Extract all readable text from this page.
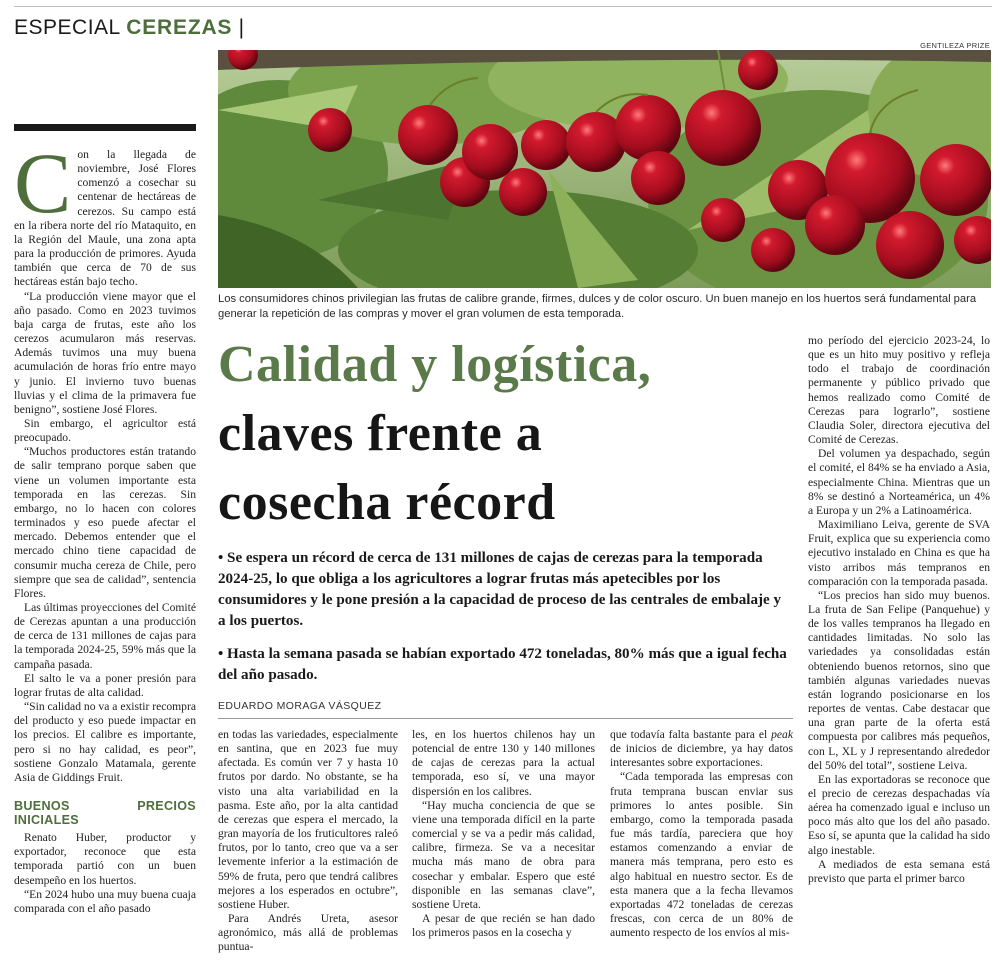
ESPECIAL CEREZAS |
GENTILEZA PRIZE
Los consumidores chinos privilegian las frutas de calibre grande, firmes, dulces y de color oscuro. Un buen manejo en los huertos será fundamental para generar la repetición de las compras y mover el gran volumen de esta temporada.

Con la llegada de noviembre, José Flores comenzó a cosechar su centenar de hectáreas de cerezos. Su campo está en la ribera norte del río Mataquito, en la Región del Maule, una zona apta para la producción de primores. Ayuda también que cerca de 70 de sus hectáreas están bajo techo.

“La producción viene mayor que el año pasado. Como en 2023 tuvimos baja carga de frutas, este año los cerezos acumularon más reservas. Además tuvimos una muy buena acumulación de horas frío entre mayo y junio. El invierno tuvo buenas lluvias y el clima de la primavera fue benigno”, sostiene José Flores.

Sin embargo, el agricultor está preocupado.

“Muchos productores están tratando de salir temprano porque saben que viene un volumen importante esta temporada en las cerezas. Sin embargo, no lo hacen con colores terminados y eso puede afectar el mercado. Debemos entender que el mercado chino tiene capacidad de consumir mucha cereza de Chile, pero siempre que sea de calidad”, sentencia Flores.

Las últimas proyecciones del Comité de Cerezas apuntan a una producción de cerca de 131 millones de cajas para la temporada 2024-25, 59% más que la campaña pasada.

El salto le va a poner presión para lograr frutas de alta calidad.

“Sin calidad no va a existir recompra del producto y eso puede impactar en los precios. El calibre es importante, pero si no hay calidad, es peor”, sostiene Gonzalo Matamala, gerente Asia de Giddings Fruit.

BUENOS PRECIOS INICIALES

Renato Huber, productor y exportador, reconoce que esta temporada partió con un buen desempeño en los huertos.

“En 2024 hubo una muy buena cuaja comparada con el año pasado

Calidad y logística,
claves frente a
cosecha récord

• Se espera un récord de cerca de 131 millones de cajas de cerezas para la temporada 2024-25, lo que obliga a los agricultores a lograr frutas más apetecibles por los consumidores y le pone presión a la capacidad de proceso de las centrales de embalaje y a los puertos.

• Hasta la semana pasada se habían exportado 472 toneladas, 80% más que a igual fecha del año pasado.

EDUARDO MORAGA VÁSQUEZ

en todas las variedades, especialmente en santina, que en 2023 fue muy afectada. Es común ver 7 y hasta 10 frutos por dardo. No obstante, se ha visto una alta variabilidad en la pasma. Este año, por la alta cantidad de cerezas que espera el mercado, la gran mayoría de los fruticultores raleó frutos, por lo tanto, creo que va a ser levemente inferior a la estimación de 59% de fruta, pero que tendrá calibres mejores a los esperados en octubre”, sostiene Huber.

Para Andrés Ureta, asesor agronómico, más allá de problemas puntua-

les, en los huertos chilenos hay un potencial de entre 130 y 140 millones de cajas de cerezas para la actual temporada, eso sí, ve una mayor dispersión en los calibres.

“Hay mucha conciencia de que se viene una temporada difícil en la parte comercial y se va a pedir más calidad, calibre, firmeza. Se va a necesitar mucha más mano de obra para cosechar y embalar. Espero que esté disponible en las semanas clave”, sostiene Ureta.

A pesar de que recién se han dado los primeros pasos en la cosecha y

que todavía falta bastante para el peak de inicios de diciembre, ya hay datos interesantes sobre exportaciones.

“Cada temporada las empresas con fruta temprana buscan enviar sus primores lo antes posible. Sin embargo, como la temporada pasada fue más tardía, pareciera que hoy estamos comenzando a enviar de manera más temprana, pero esto es algo habitual en nuestro sector. Es de esta manera que a la fecha llevamos exportadas 472 toneladas de cerezas frescas, con cerca de un 80% de aumento respecto de los envíos al mis-

mo período del ejercicio 2023-24, lo que es un hito muy positivo y refleja todo el trabajo de coordinación permanente y público privado que hemos realizado como Comité de Cerezas para lograrlo”, sostiene Claudia Soler, directora ejecutiva del Comité de Cerezas.

Del volumen ya despachado, según el comité, el 84% se ha enviado a Asia, especialmente China. Mientras que un 8% se destinó a Norteamérica, un 4% a Europa y un 2% a Latinoamérica.

Maximiliano Leiva, gerente de SVA Fruit, explica que su experiencia como ejecutivo instalado en China es que ha visto arribos más tempranos en comparación con la temporada pasada.

“Los precios han sido muy buenos. La fruta de San Felipe (Panquehue) y de los valles tempranos ha llegado en cantidades limitadas. No solo las variedades ya consolidadas están obteniendo buenos retornos, sino que también algunas variedades nuevas están logrando posicionarse en los reportes de ventas. Cabe destacar que una gran parte de la oferta está compuesta por calibres más pequeños, con L, XL y J representando alrededor del 50% del total”, sostiene Leiva.

En las exportadoras se reconoce que el precio de cerezas despachadas vía aérea ha comenzado igual e incluso un poco más alto que los del año pasado. Eso sí, se apunta que la calidad ha sido algo inestable.

A mediados de esta semana está previsto que parta el primer barco
